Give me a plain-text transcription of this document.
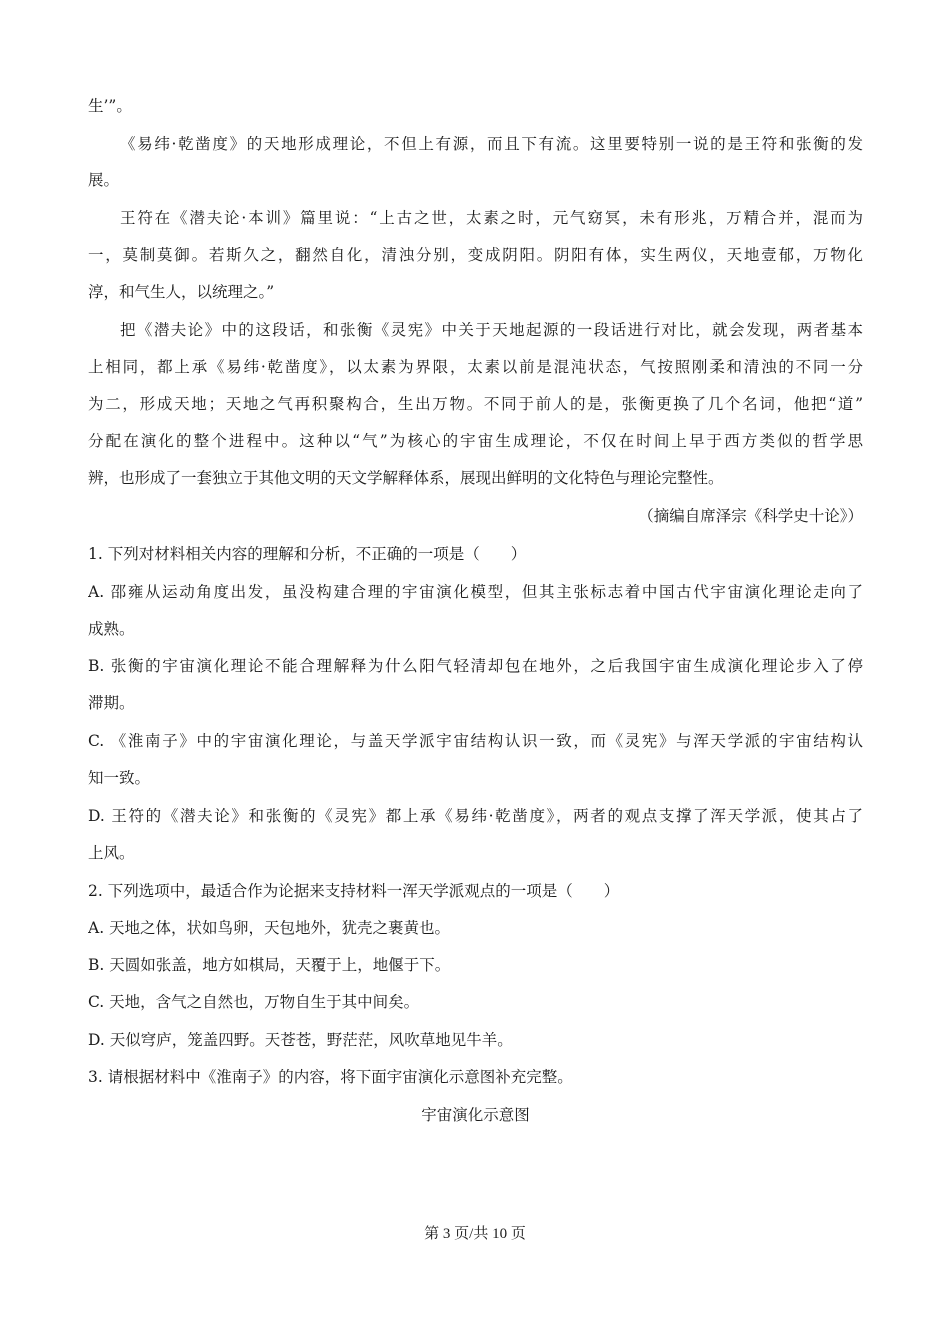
生’”。
《易纬·乾凿度》的天地形成理论，不但上有源，而且下有流。这里要特别一说的是王符和张衡的发
展。
王符在《潜夫论·本训》篇里说：“上古之世，太素之时，元气窈冥，未有形兆，万精合并，混而为
一，莫制莫御。若斯久之，翻然自化，清浊分别，变成阴阳。阴阳有体，实生两仪，天地壹郁，万物化
淳，和气生人，以统理之。”
把《潜夫论》中的这段话，和张衡《灵宪》中关于天地起源的一段话进行对比，就会发现，两者基本
上相同，都上承《易纬·乾凿度》，以太素为界限，太素以前是混沌状态，气按照刚柔和清浊的不同一分
为二，形成天地；天地之气再积聚构合，生出万物。不同于前人的是，张衡更换了几个名词，他把“道”
分配在演化的整个进程中。这种以“气”为核心的宇宙生成理论，不仅在时间上早于西方类似的哲学思
辨，也形成了一套独立于其他文明的天文学解释体系，展现出鲜明的文化特色与理论完整性。
（摘编自席泽宗《科学史十论》）
1. 下列对材料相关内容的理解和分析，不正确的一项是（　　）
A. 邵雍从运动角度出发，虽没构建合理的宇宙演化模型，但其主张标志着中国古代宇宙演化理论走向了
成熟。
B. 张衡的宇宙演化理论不能合理解释为什么阳气轻清却包在地外，之后我国宇宙生成演化理论步入了停
滞期。
C. 《淮南子》中的宇宙演化理论，与盖天学派宇宙结构认识一致，而《灵宪》与浑天学派的宇宙结构认
知一致。
D. 王符的《潜夫论》和张衡的《灵宪》都上承《易纬·乾凿度》，两者的观点支撑了浑天学派，使其占了
上风。
2. 下列选项中，最适合作为论据来支持材料一浑天学派观点的一项是（　　）
A. 天地之体，状如鸟卵，天包地外，犹壳之裹黄也。
B. 天圆如张盖，地方如棋局，天覆于上，地偃于下。
C. 天地，含气之自然也，万物自生于其中间矣。
D. 天似穹庐，笼盖四野。天苍苍，野茫茫，风吹草地见牛羊。
3. 请根据材料中《淮南子》的内容，将下面宇宙演化示意图补充完整。
宇宙演化示意图
第 3 页/共 10 页
